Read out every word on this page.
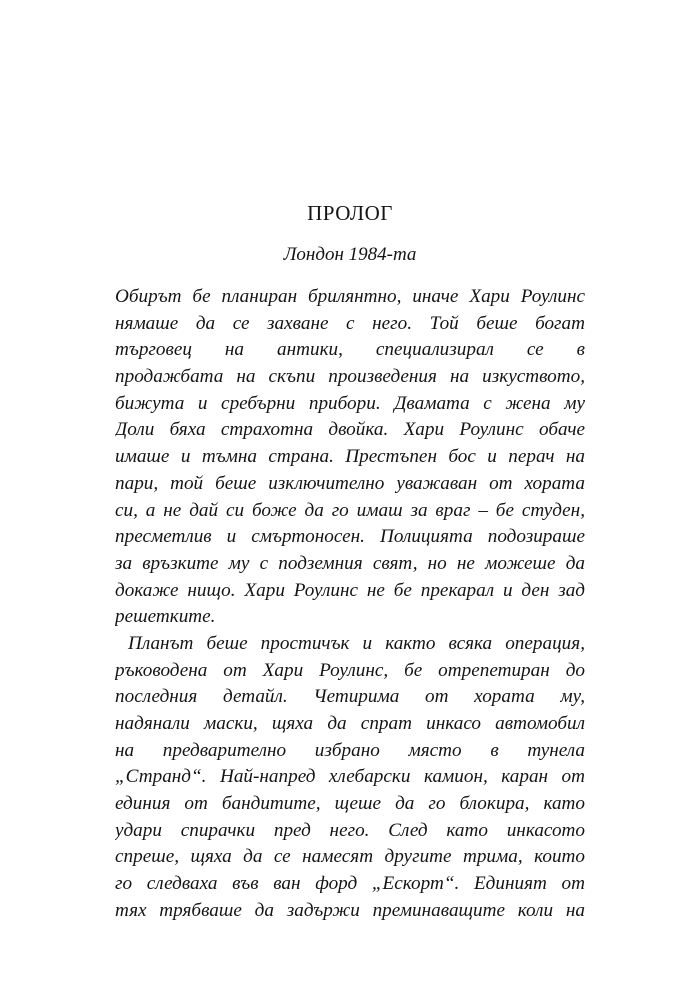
ПРОЛОГ
Лондон 1984-та
Обирът бе планиран брилянтно, иначе Хари Роулинс
нямаше да се захване с него. Той беше богат
търговец на антики, специализирал се в
продажбата на скъпи произведения на изкуството,
бижута и сребърни прибори. Двамата с жена му
Доли бяха страхотна двойка. Хари Роулинс обаче
имаше и тъмна страна. Престъпен бос и перач на
пари, той беше изключително уважаван от хората
си, а не дай си боже да го имаш за враг – бе студен,
пресметлив и смъртоносен. Полицията подозираше
за връзките му с подземния свят, но не можеше да
докаже нищо. Хари Роулинс не бе прекарал и ден зад
решетките.
Планът беше простичък и както всяка операция,
ръководена от Хари Роулинс, бе отрепетиран до
последния детайл. Четирима от хората му,
надянали маски, щяха да спрат инкасо автомобил
на предварително избрано място в тунела
„Странд“. Най-напред хлебарски камион, каран от
единия от бандитите, щеше да го блокира, като
удари спирачки пред него. След като инкасото
спреше, щяха да се намесят другите трима, които
го следваха във ван форд „Ескорт“. Единият от
тях трябваше да задържи преминаващите коли на
